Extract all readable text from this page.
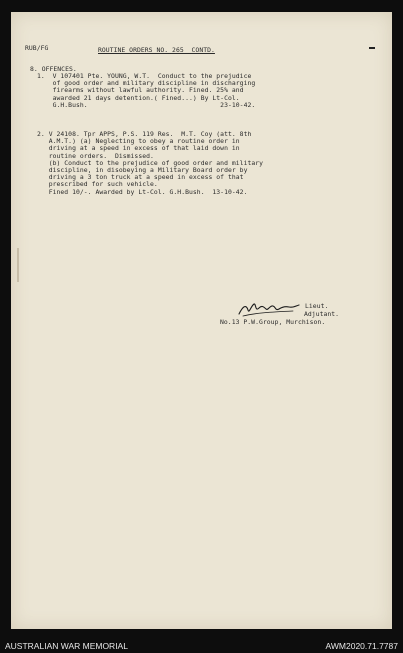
RUB/FG	ROUTINE ORDERS NO. 265  CONTD.
8. OFFENCES.
1.  V 107401 Pte. YOUNG, W.T.  Conduct to the prejudice
of good order and military discipline in discharging
firearms without lawful authority. Fined. 25% and
awarded 21 days detention.( Fined...) By Lt-Col.
G.H.Bush.                                  23-10-42.
2. V 24108. Tpr APPS, P.S. 119 Res.  M.T. Coy (att. 8th
A.M.T.) (a) Neglecting to obey a routine order in
driving at a speed in excess of that laid down in
routine orders.  Dismissed.
(b) Conduct to the prejudice of good order and military
discipline, in disobeying a Military Board order by
driving a 3 ton truck at a speed in excess of that
prescribed for such vehicle.
Fined 10/-. Awarded by Lt-Col. G.H.Bush.  13-10-42.
Lieut.
Adjutant.
No.13 P.W.Group, Murchison.
AUSTRALIAN WAR MEMORIAL	AWM2020.71.7787
